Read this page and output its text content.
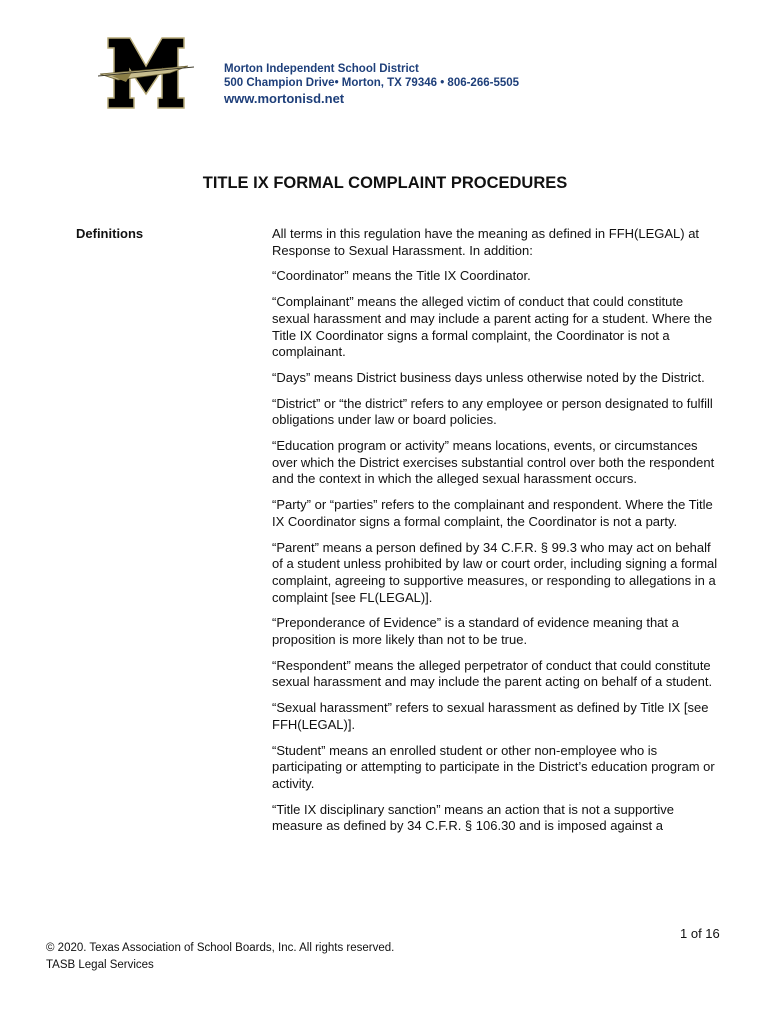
Morton Independent School District
500 Champion Drive• Morton, TX 79346 • 806-266-5505
www.mortonisd.net
TITLE IX FORMAL COMPLAINT PROCEDURES
Definitions	All terms in this regulation have the meaning as defined in FFH(LEGAL) at Response to Sexual Harassment. In addition:

“Coordinator” means the Title IX Coordinator.

“Complainant” means the alleged victim of conduct that could constitute sexual harassment and may include a parent acting for a student. Where the Title IX Coordinator signs a formal complaint, the Coordinator is not a complainant.

“Days” means District business days unless otherwise noted by the District.

“District” or “the district” refers to any employee or person designated to fulfill obligations under law or board policies.

“Education program or activity” means locations, events, or circumstances over which the District exercises substantial control over both the respondent and the context in which the alleged sexual harassment occurs.

“Party” or “parties” refers to the complainant and respondent. Where the Title IX Coordinator signs a formal complaint, the Coordinator is not a party.

“Parent” means a person defined by 34 C.F.R. § 99.3 who may act on behalf of a student unless prohibited by law or court order, including signing a formal complaint, agreeing to supportive measures, or responding to allegations in a complaint [see FL(LEGAL)].

“Preponderance of Evidence” is a standard of evidence meaning that a proposition is more likely than not to be true.

“Respondent” means the alleged perpetrator of conduct that could constitute sexual harassment and may include the parent acting on behalf of a student.

“Sexual harassment” refers to sexual harassment as defined by Title IX [see FFH(LEGAL)].

“Student” means an enrolled student or other non-employee who is participating or attempting to participate in the District’s education program or activity.

“Title IX disciplinary sanction” means an action that is not a supportive measure as defined by 34 C.F.R. § 106.30 and is imposed against a

1 of 16
© 2020. Texas Association of School Boards, Inc. All rights reserved.
TASB Legal Services
